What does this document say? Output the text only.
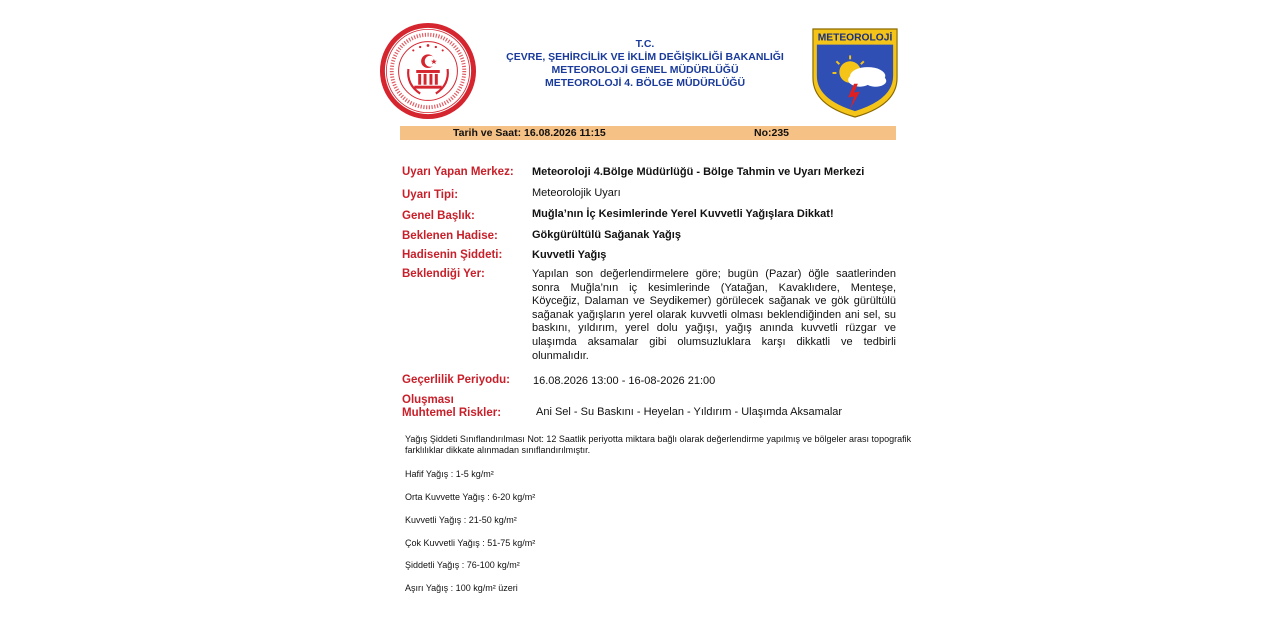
T.C.
ÇEVRE, ŞEHİRCİLİK VE İKLİM DEĞİŞİKLİĞİ BAKANLIĞI
METEOROLOJİ GENEL MÜDÜRLÜĞÜ
METEOROLOJİ 4. BÖLGE MÜDÜRLÜĞÜ
METEOROLOJİ
Tarih ve Saat: 16.08.2026 11:15	No:235
Uyarı Yapan Merkez: Meteoroloji 4.Bölge Müdürlüğü - Bölge Tahmin ve Uyarı Merkezi
Uyarı Tipi:	Meteorolojik Uyarı
Genel Başlık:	Muğla’nın İç Kesimlerinde Yerel Kuvvetli Yağışlara Dikkat!
Beklenen Hadise:	Gökgürültülü Sağanak Yağış
Hadisenin Şiddeti:	Kuvvetli Yağış
Beklendiği Yer:	Yapılan son değerlendirmelere göre; bugün (Pazar) öğle saatlerinden sonra Muğla’nın iç kesimlerinde (Yatağan, Kavaklıdere, Menteşe, Köyceğiz, Dalaman ve Seydikemer) görülecek sağanak ve gök gürültülü sağanak yağışların yerel olarak kuvvetli olması beklendiğinden ani sel, su baskını, yıldırım, yerel dolu yağışı, yağış anında kuvvetli rüzgar ve ulaşımda aksamalar gibi olumsuzluklara karşı dikkatli ve tedbirli olunmalıdır.
Geçerlilik Periyodu: 16.08.2026 13:00 - 16-08-2026 21:00
Oluşması
Muhtemel Riskler:	Ani Sel - Su Baskını - Heyelan - Yıldırım - Ulaşımda Aksamalar
Yağış Şiddeti Sınıflandırılması Not: 12 Saatlik periyotta miktara bağlı olarak değerlendirme yapılmış ve bölgeler arası topografik farklılıklar dikkate alınmadan sınıflandırılmıştır.
Hafif Yağış : 1-5 kg/m²
Orta Kuvvette Yağış : 6-20 kg/m²
Kuvvetli Yağış : 21-50 kg/m²
Çok Kuvvetli Yağış : 51-75 kg/m²
Şiddetli Yağış : 76-100 kg/m²
Aşırı Yağış : 100 kg/m² üzeri
